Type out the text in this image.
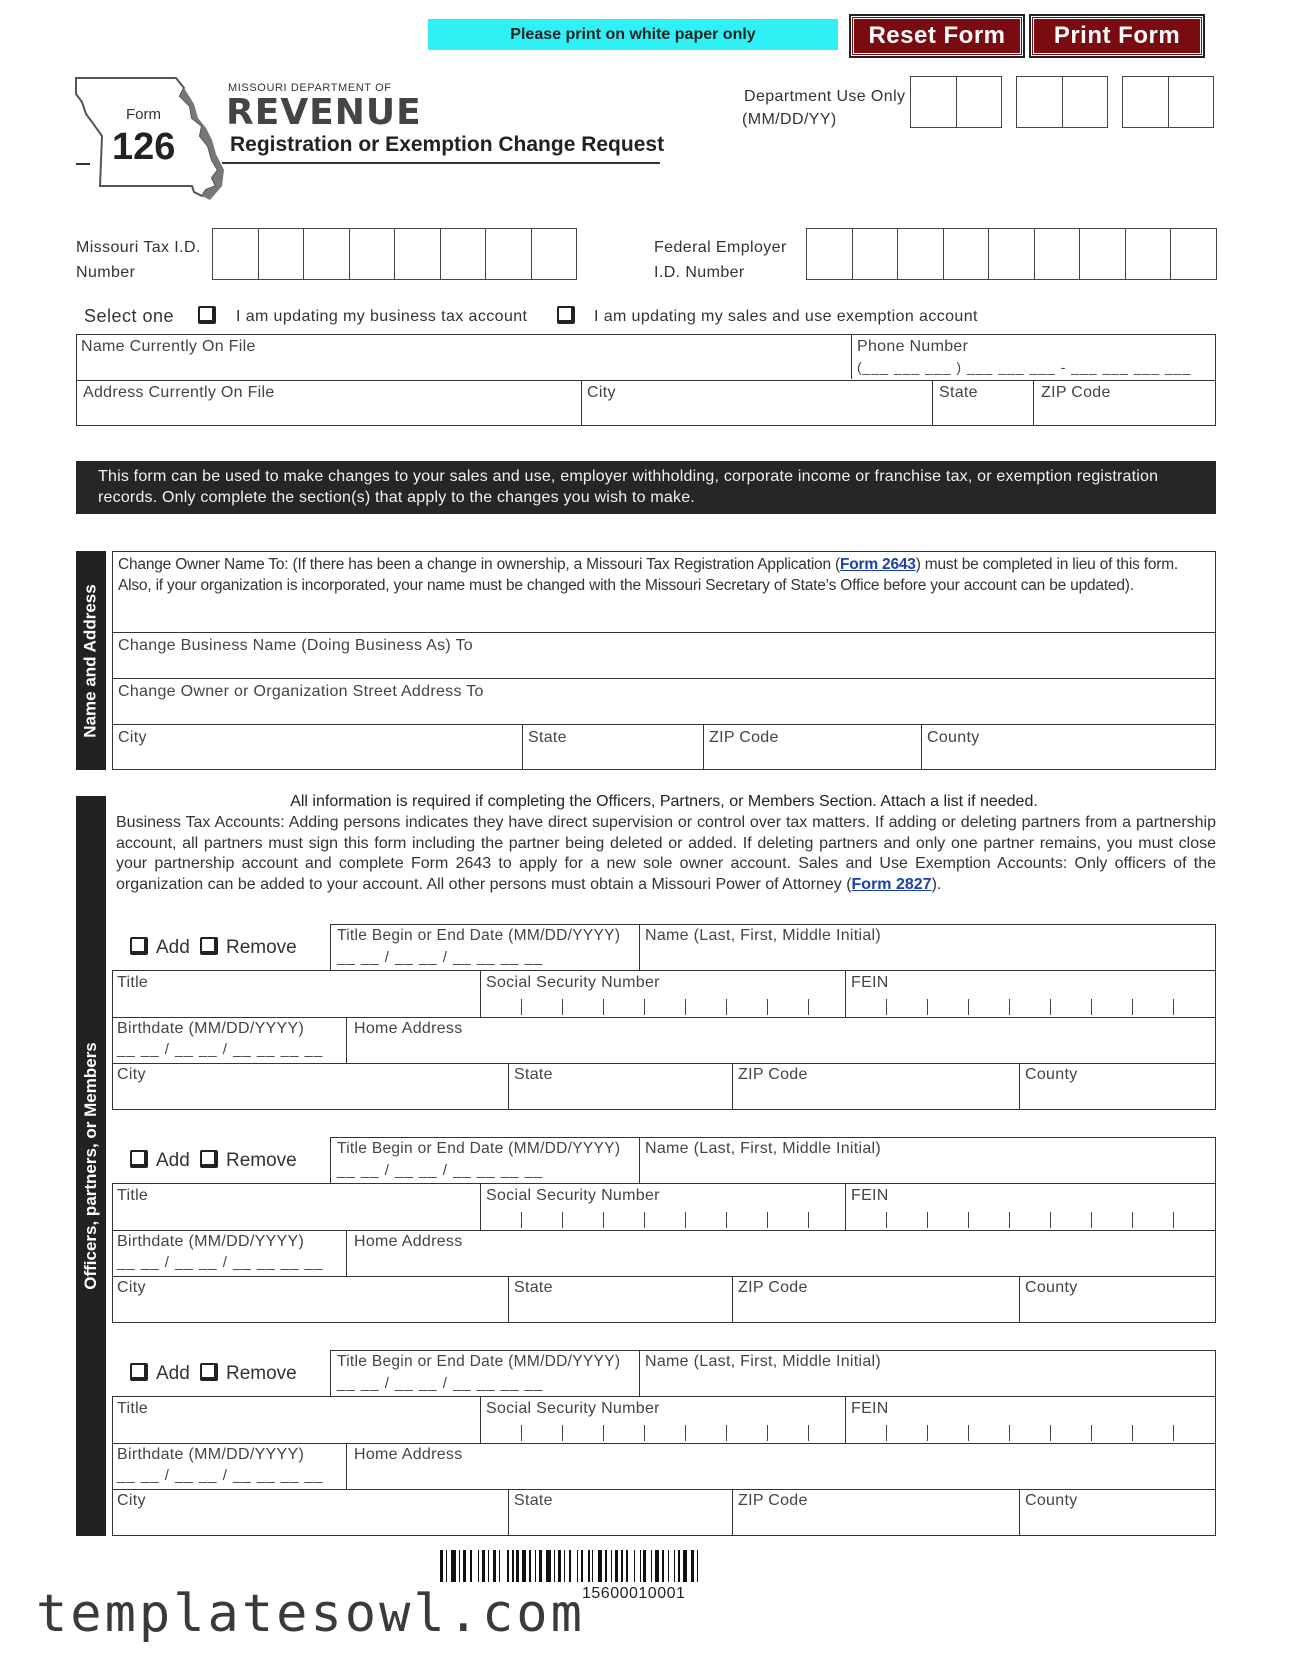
Please print on white paper only	Reset Form	Print Form
Form
126
MISSOURI DEPARTMENT OF
REVENUE
Registration or Exemption Change Request
Department Use Only
(MM/DD/YY)
Missouri Tax I.D.
Number
Federal Employer
I.D. Number
Select one	I am updating my business tax account	I am updating my sales and use exemption account
Name Currently On File	Phone Number
(___ ___ ___ ) ___ ___ ___ - ___ ___ ___ ___
Address Currently On File	City	State	ZIP Code
This form can be used to make changes to your sales and use, employer withholding, corporate income or franchise tax, or exemption registration records. Only complete the section(s) that apply to the changes you wish to make.
Name and Address
Change Owner Name To: (If there has been a change in ownership, a Missouri Tax Registration Application (Form 2643) must be completed in lieu of this form. Also, if your organization is incorporated, your name must be changed with the Missouri Secretary of State’s Office before your account can be updated).
Change Business Name (Doing Business As) To
Change Owner or Organization Street Address To
City	State	ZIP Code	County
Officers, partners, or Members
All information is required if completing the Officers, Partners, or Members Section. Attach a list if needed.
Business Tax Accounts: Adding persons indicates they have direct supervision or control over tax matters. If adding or deleting partners from a partnership account, all partners must sign this form including the partner being deleted or added. If deleting partners and only one partner remains, you must close your partnership account and complete Form 2643 to apply for a new sole owner account. Sales and Use Exemption Accounts: Only officers of the organization can be added to your account. All other persons must obtain a Missouri Power of Attorney (Form 2827).
Add Remove
Title Begin or End Date (MM/DD/YYYY)
__ __ / __ __ / __ __ __ __
Name (Last, First, Middle Initial)
Title	Social Security Number	FEIN
Birthdate (MM/DD/YYYY)
__ __ / __ __ / __ __ __ __
Home Address
City	State	ZIP Code	County
Add Remove
Title Begin or End Date (MM/DD/YYYY)
__ __ / __ __ / __ __ __ __
Name (Last, First, Middle Initial)
Title	Social Security Number	FEIN
Birthdate (MM/DD/YYYY)
__ __ / __ __ / __ __ __ __
Home Address
City	State	ZIP Code	County
Add Remove
Title Begin or End Date (MM/DD/YYYY)
__ __ / __ __ / __ __ __ __
Name (Last, First, Middle Initial)
Title	Social Security Number	FEIN
Birthdate (MM/DD/YYYY)
__ __ / __ __ / __ __ __ __
Home Address
City	State	ZIP Code	County
15600010001
templatesowl.com
